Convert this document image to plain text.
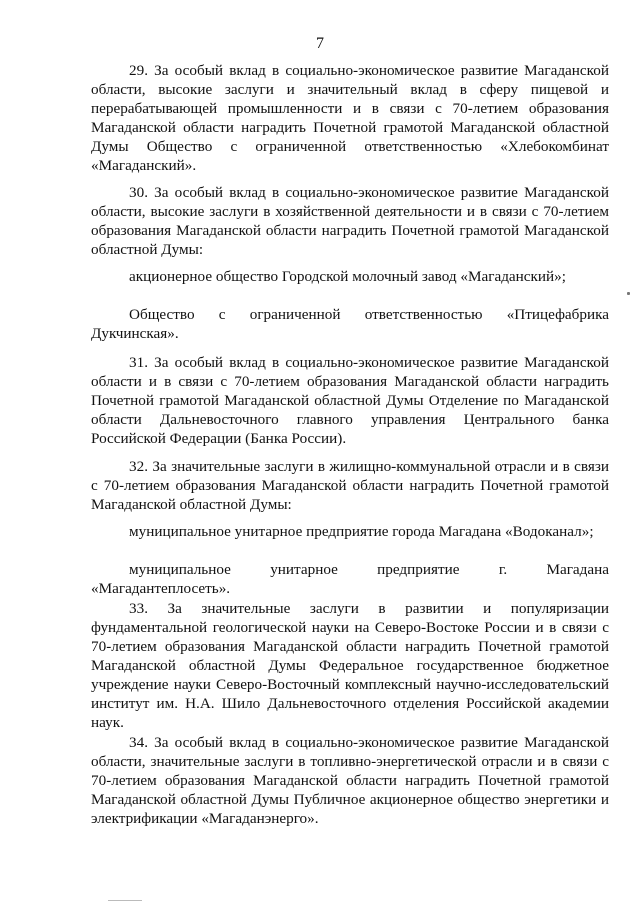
7
29. За особый вклад в социально-экономическое развитие Магаданской области, высокие заслуги и значительный вклад в сферу пищевой и перерабатывающей промышленности и в связи с 70-летием образования Магаданской области наградить Почетной грамотой Магаданской областной Думы Общество с ограниченной ответственностью «Хлебокомбинат «Магаданский».
30. За особый вклад в социально-экономическое развитие Магаданской области, высокие заслуги в хозяйственной деятельности и в связи с 70-летием образования Магаданской области наградить Почетной грамотой Магаданской областной Думы:
акционерное общество Городской молочный завод «Магаданский»;
Общество с ограниченной ответственностью «Птицефабрика Дукчинская».
31. За особый вклад в социально-экономическое развитие Магаданской области и в связи с 70-летием образования Магаданской области наградить Почетной грамотой Магаданской областной Думы Отделение по Магаданской области Дальневосточного главного управления Центрального банка Российской Федерации (Банка России).
32. За значительные заслуги в жилищно-коммунальной отрасли и в связи с 70-летием образования Магаданской области наградить Почетной грамотой Магаданской областной Думы:
муниципальное унитарное предприятие города Магадана «Водоканал»;
муниципальное унитарное предприятие г. Магадана «Магадантеплосеть».
33. За значительные заслуги в развитии и популяризации фундаментальной геологической науки на Северо-Востоке России и в связи с 70-летием образования Магаданской области наградить Почетной грамотой Магаданской областной Думы Федеральное государственное бюджетное учреждение науки Северо-Восточный комплексный научно-исследовательский институт им. Н.А. Шило Дальневосточного отделения Российской академии наук.
34. За особый вклад в социально-экономическое развитие Магаданской области, значительные заслуги в топливно-энергетической отрасли и в связи с 70-летием образования Магаданской области наградить Почетной грамотой Магаданской областной Думы Публичное акционерное общество энергетики и электрификации «Магаданэнерго».
